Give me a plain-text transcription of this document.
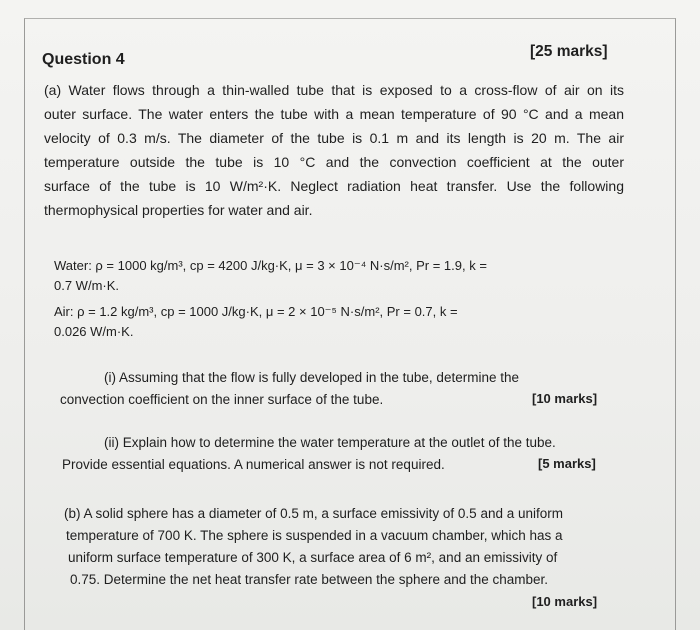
Question 4	[25 marks]
(a) Water flows through a thin-walled tube that is exposed to a cross-flow of air on its
outer surface. The water enters the tube with a mean temperature of 90 °C and a mean
velocity of 0.3 m/s. The diameter of the tube is 0.1 m and its length is 20 m. The air
temperature outside the tube is 10 °C and the convection coefficient at the outer
surface of the tube is 10 W/m²·K. Neglect radiation heat transfer. Use the following
thermophysical properties for water and air.
Water: ρ = 1000 kg/m³, cp = 4200 J/kg·K, μ = 3 × 10⁻⁴ N·s/m², Pr = 1.9, k =
0.7 W/m·K.
Air: ρ = 1.2 kg/m³, cp = 1000 J/kg·K, μ = 2 × 10⁻⁵ N·s/m², Pr = 0.7, k =
0.026 W/m·K.
(i) Assuming that the flow is fully developed in the tube, determine the
convection coefficient on the inner surface of the tube.	[10 marks]
(ii) Explain how to determine the water temperature at the outlet of the tube.
Provide essential equations. A numerical answer is not required.	[5 marks]
(b) A solid sphere has a diameter of 0.5 m, a surface emissivity of 0.5 and a uniform
temperature of 700 K. The sphere is suspended in a vacuum chamber, which has a
uniform surface temperature of 300 K, a surface area of 6 m², and an emissivity of
0.75. Determine the net heat transfer rate between the sphere and the chamber.
[10 marks]
